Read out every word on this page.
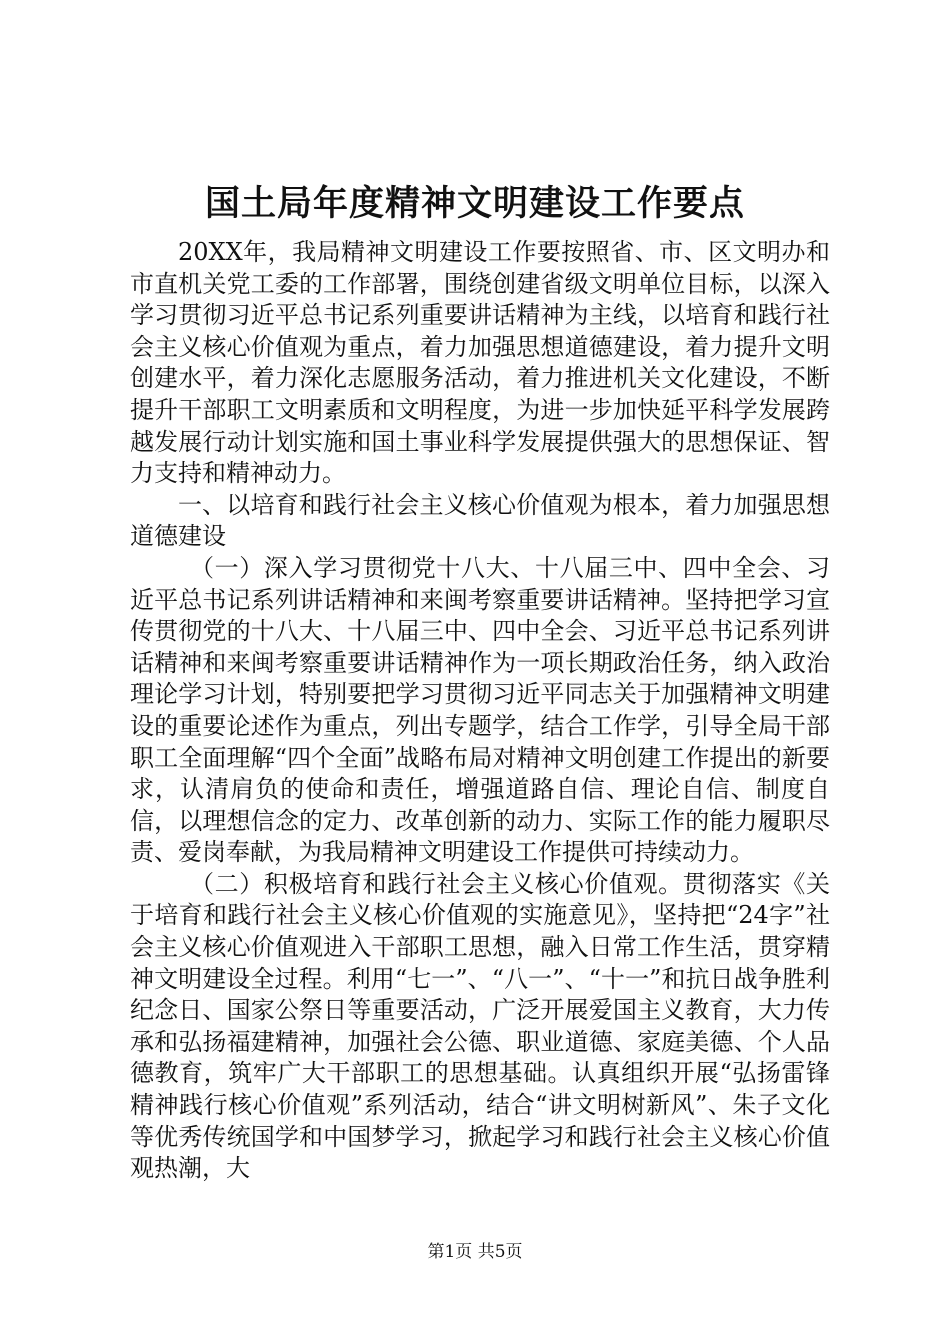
国土局年度精神文明建设工作要点

20XX年，我局精神文明建设工作要按照省、市、区文明办和市直机关党工委的工作部署，围绕创建省级文明单位目标，以深入学习贯彻习近平总书记系列重要讲话精神为主线，以培育和践行社会主义核心价值观为重点，着力加强思想道德建设，着力提升文明创建水平，着力深化志愿服务活动，着力推进机关文化建设，不断提升干部职工文明素质和文明程度，为进一步加快延平科学发展跨越发展行动计划实施和国土事业科学发展提供强大的思想保证、智力支持和精神动力。

一、以培育和践行社会主义核心价值观为根本，着力加强思想道德建设

（一）深入学习贯彻党十八大、十八届三中、四中全会、习近平总书记系列讲话精神和来闽考察重要讲话精神。坚持把学习宣传贯彻党的十八大、十八届三中、四中全会、习近平总书记系列讲话精神和来闽考察重要讲话精神作为一项长期政治任务，纳入政治理论学习计划，特别要把学习贯彻习近平同志关于加强精神文明建设的重要论述作为重点，列出专题学，结合工作学，引导全局干部职工全面理解“四个全面”战略布局对精神文明创建工作提出的新要求，认清肩负的使命和责任，增强道路自信、理论自信、制度自信，以理想信念的定力、改革创新的动力、实际工作的能力履职尽责、爱岗奉献，为我局精神文明建设工作提供可持续动力。

（二）积极培育和践行社会主义核心价值观。贯彻落实《关于培育和践行社会主义核心价值观的实施意见》，坚持把“24字”社会主义核心价值观进入干部职工思想，融入日常工作生活，贯穿精神文明建设全过程。利用“七一”、“八一”、“十一”和抗日战争胜利纪念日、国家公祭日等重要活动，广泛开展爱国主义教育，大力传承和弘扬福建精神，加强社会公德、职业道德、家庭美德、个人品德教育，筑牢广大干部职工的思想基础。认真组织开展“弘扬雷锋精神践行核心价值观”系列活动，结合“讲文明树新风”、朱子文化等优秀传统国学和中国梦学习，掀起学习和践行社会主义核心价值观热潮，大

第1页 共5页
